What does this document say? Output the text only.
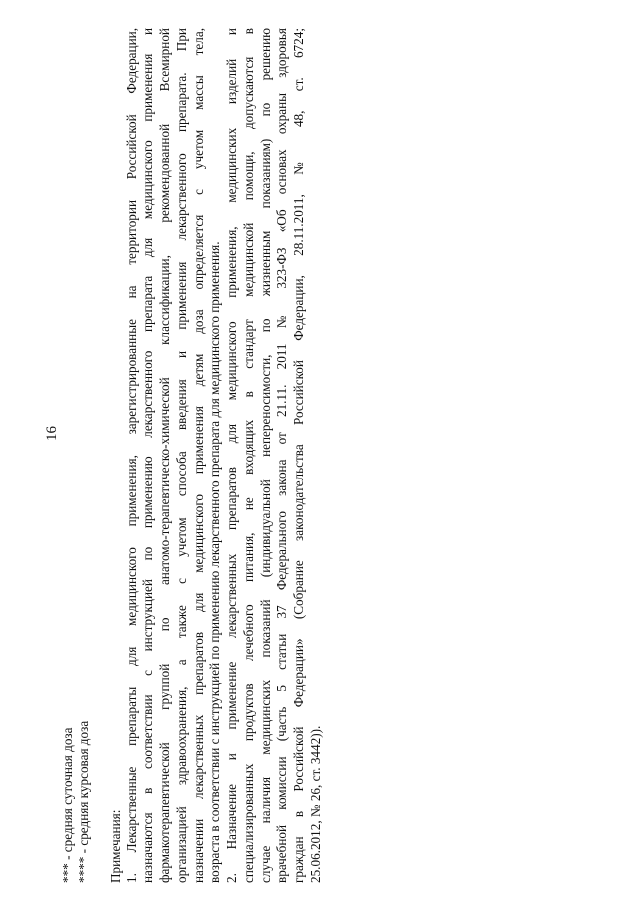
16
*** - средняя суточная доза **** - средняя курсовая доза Примечания: 1. Лекарственные препараты для медицинского применения, зарегистрированные на территории Российской Федерации, назначаются в соответствии с инструкцией по применению лекарственного препарата для медицинского применения и фармакотерапевтической группой по анатомо-терапевтическо-химической классификации, рекомендованной Всемирной организацией здравоохранения, а также с учетом способа введения и применения лекарственного препарата. При назначении лекарственных препаратов для медицинского применения детям доза определяется с учетом массы тела, возраста в соответствии с инструкцией по применению лекарственного препарата для медицинского применения. 2. Назначение и применение лекарственных препаратов для медицинского применения, медицинских изделий и специализированных продуктов лечебного питания, не входящих в стандарт медицинской помощи, допускаются в случае наличия медицинских показаний (индивидуальной непереносимости, по жизненным показаниям) по решению врачебной комиссии (часть 5 статьи 37 Федерального закона от 21.11. 2011 № 323-ФЗ «Об основах охраны здоровья граждан в Российской Федерации» (Собрание законодательства Российской Федерации, 28.11.2011, № 48, ст. 6724; 25.06.2012, № 26, ст. 3442)).
